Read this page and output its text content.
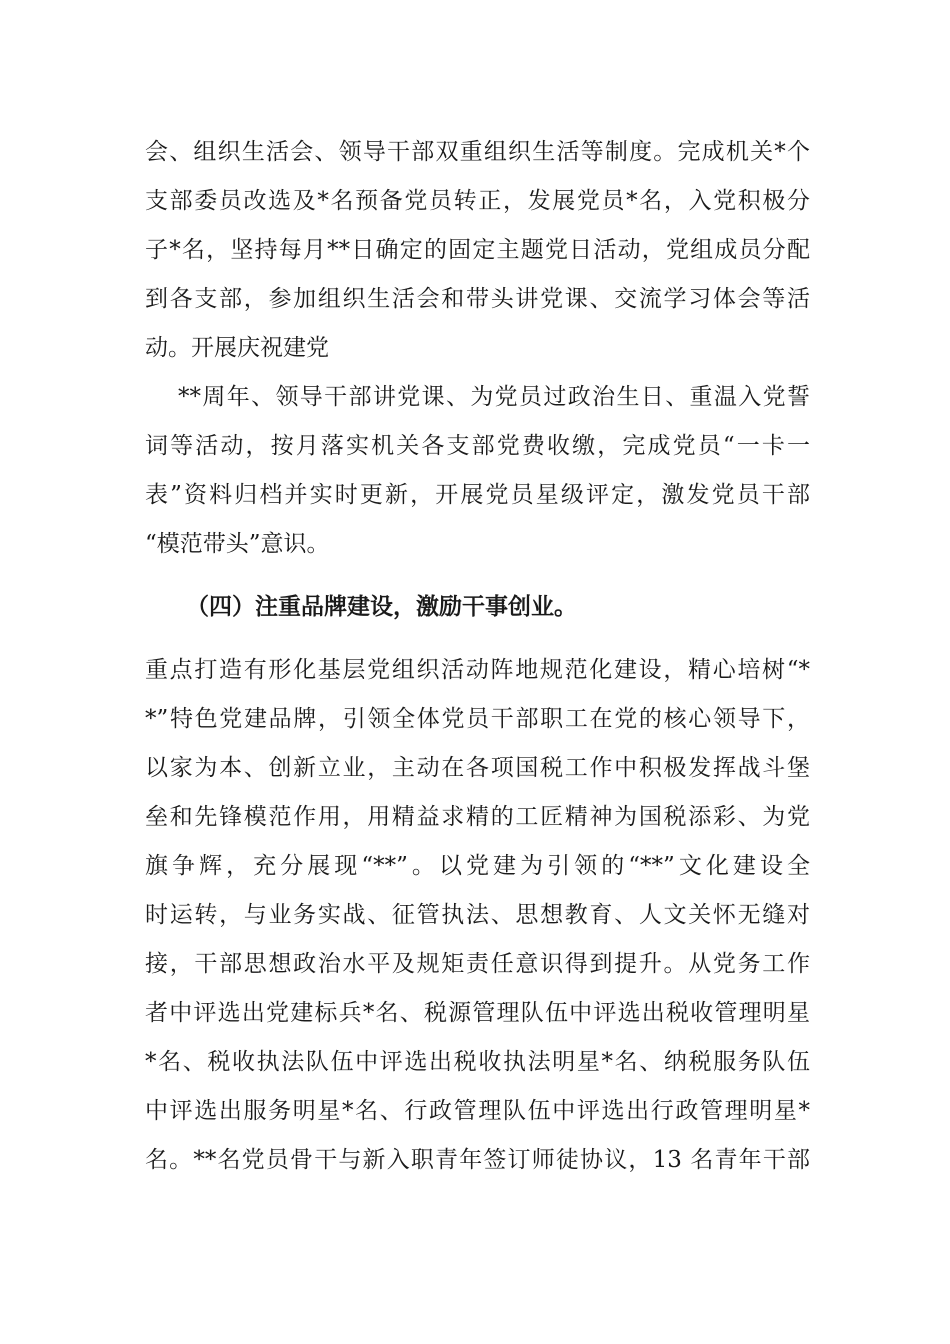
会、组织生活会、领导干部双重组织生活等制度。完成机关*个
支部委员改选及*名预备党员转正，发展党员*名，入党积极分
子*名，坚持每月**日确定的固定主题党日活动，党组成员分配
到各支部，参加组织生活会和带头讲党课、交流学习体会等活
动。开展庆祝建党
**周年、领导干部讲党课、为党员过政治生日、重温入党誓
词等活动，按月落实机关各支部党费收缴，完成党员“一卡一
表”资料归档并实时更新，开展党员星级评定，激发党员干部
“模范带头”意识。
（四）注重品牌建设，激励干事创业。
重点打造有形化基层党组织活动阵地规范化建设，精心培树“*
*”特色党建品牌，引领全体党员干部职工在党的核心领导下，
以家为本、创新立业，主动在各项国税工作中积极发挥战斗堡
垒和先锋模范作用，用精益求精的工匠精神为国税添彩、为党
旗争辉，充分展现“**”。以党建为引领的“**”文化建设全
时运转，与业务实战、征管执法、思想教育、人文关怀无缝对
接，干部思想政治水平及规矩责任意识得到提升。从党务工作
者中评选出党建标兵*名、税源管理队伍中评选出税收管理明星
*名、税收执法队伍中评选出税收执法明星*名、纳税服务队伍
中评选出服务明星*名、行政管理队伍中评选出行政管理明星*
名。**名党员骨干与新入职青年签订师徒协议，13 名青年干部
